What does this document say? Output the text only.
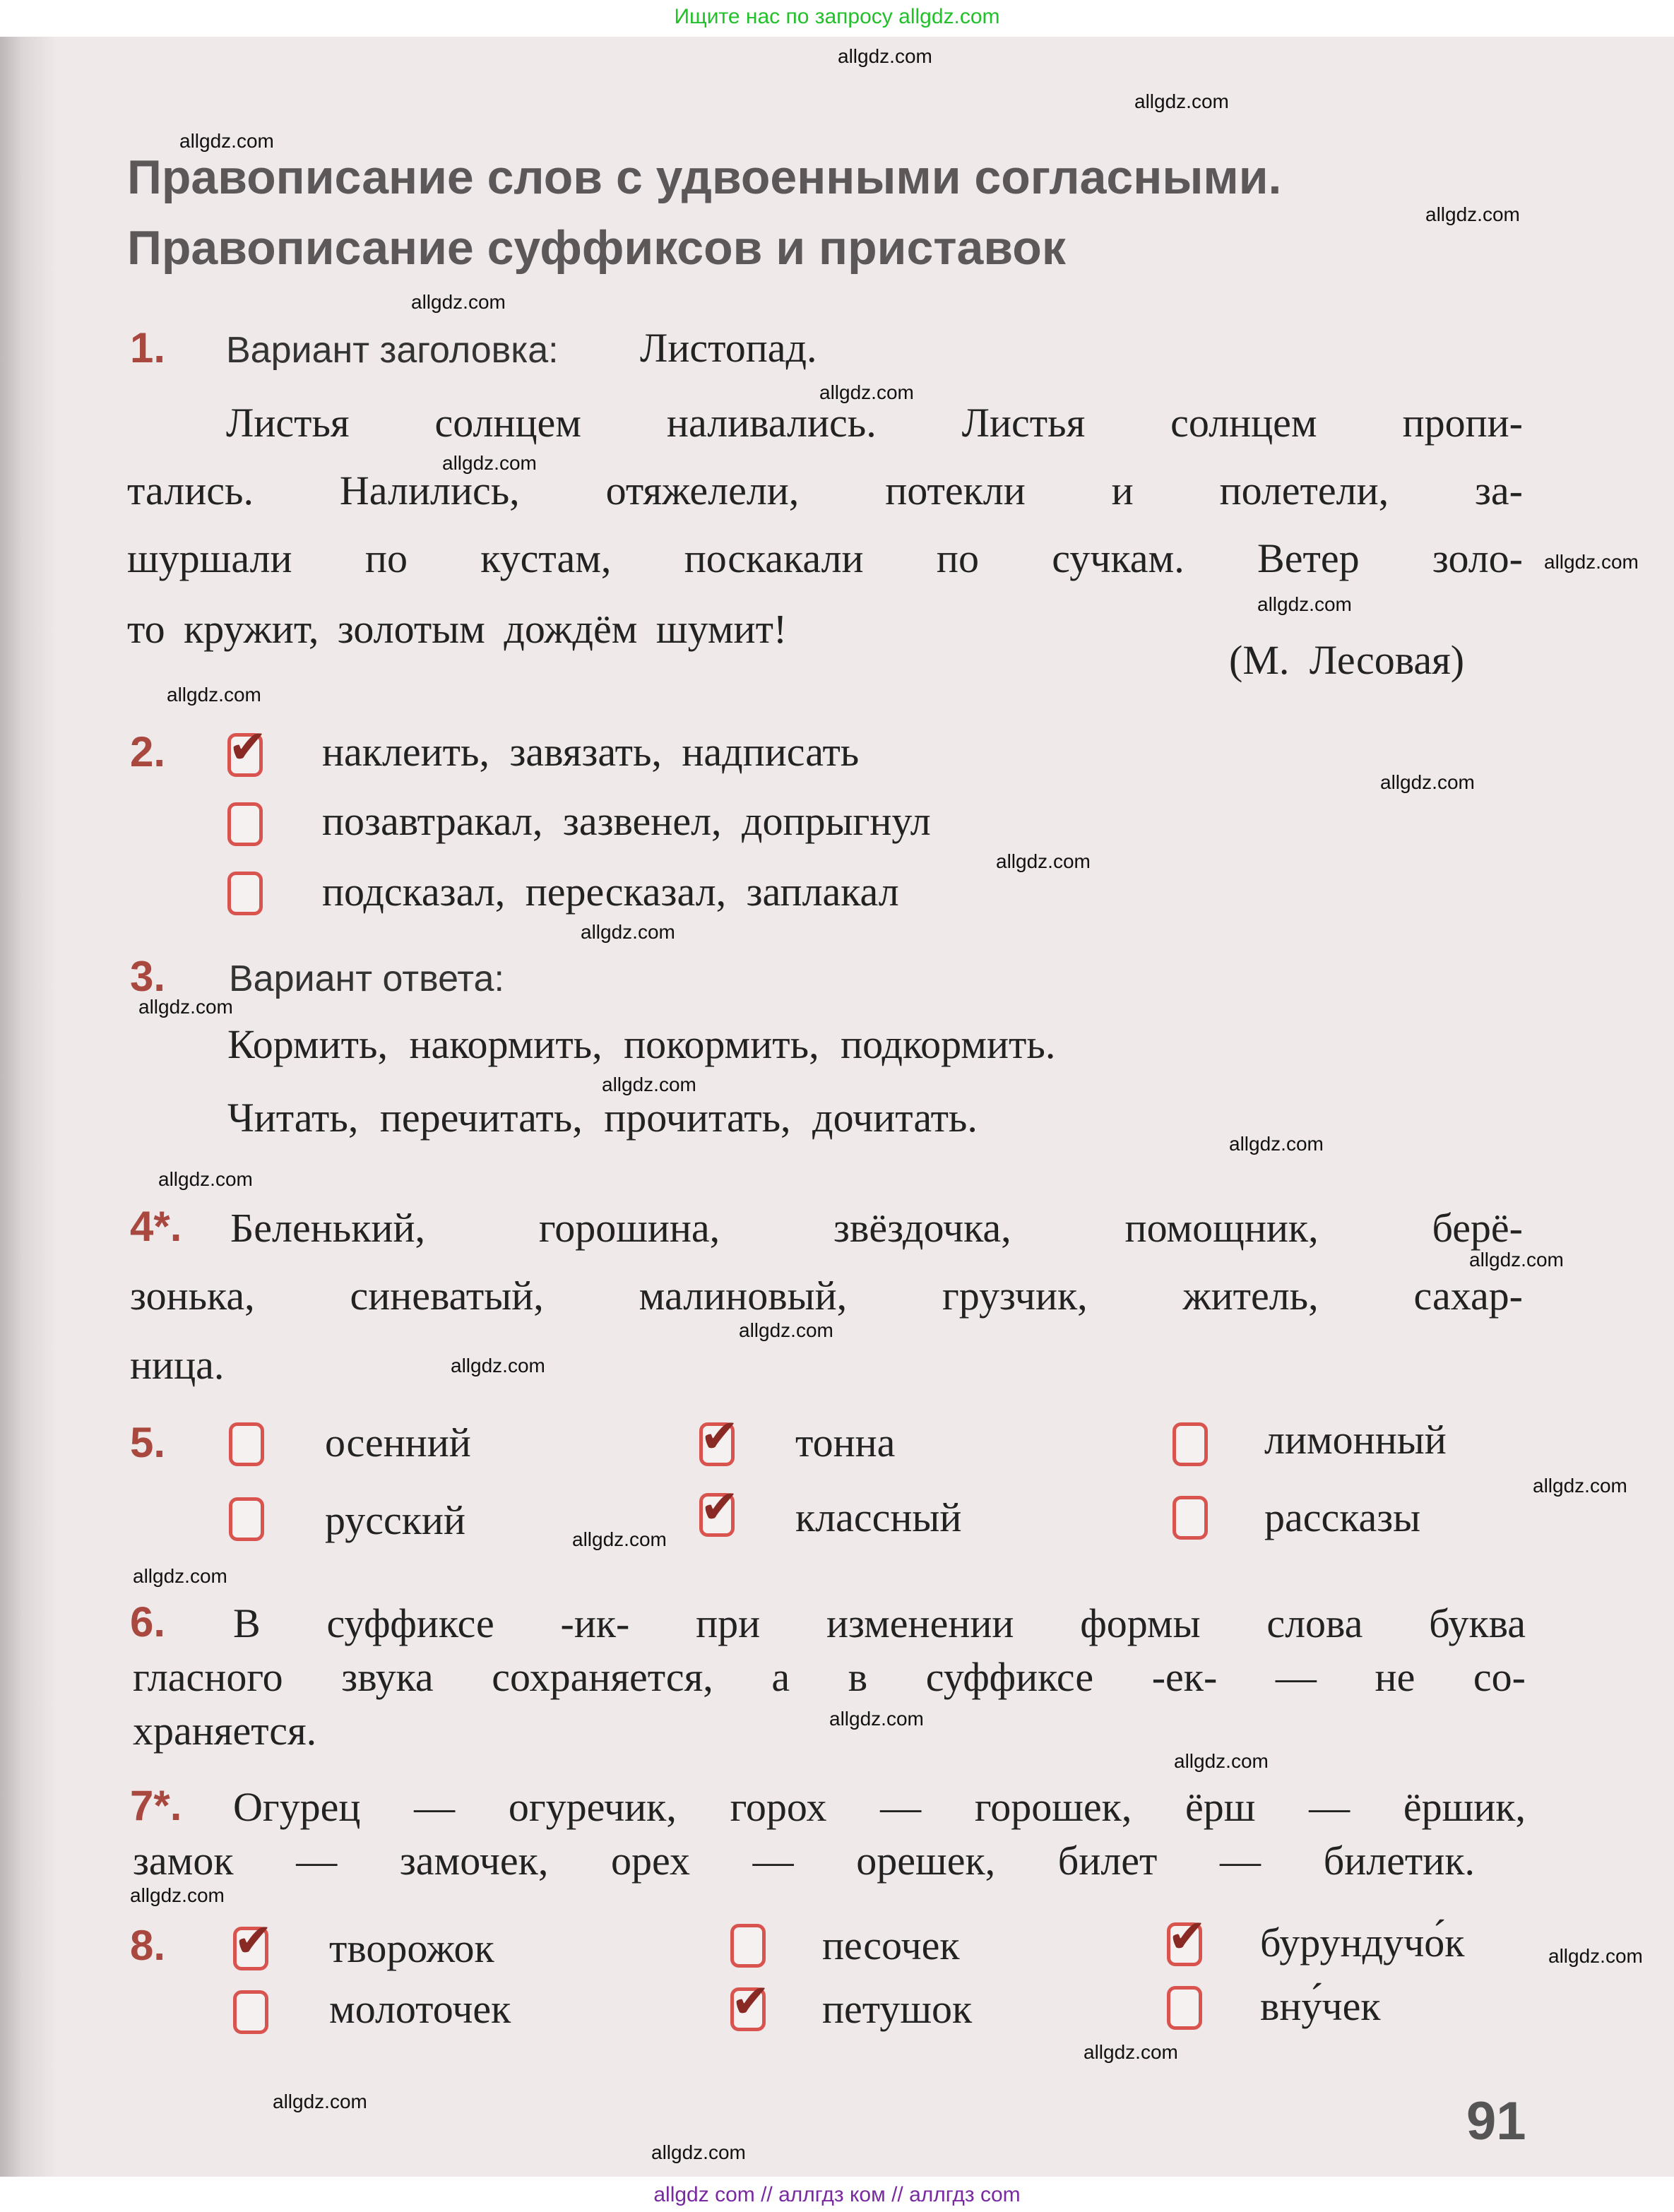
Ищите нас по запросу allgdz.com
Правописание слов с удвоенными согласными.
Правописание суффиксов и приставок
1. Вариант заголовка: Листопад.
Листья солнцем наливались. Листья солнцем пропи-
тались. Налились, отяжелели, потекли и полетели, за-
шуршали по кустам, поскакали по сучкам. Ветер золо-
то кружит, золотым дождём шумит!
(М. Лесовая)
2. ✔ наклеить, завязать, надписать
позавтракал, зазвенел, допрыгнул
подсказал, пересказал, заплакал
3. Вариант ответа:
Кормить, накормить, покормить, подкормить.
Читать, перечитать, прочитать, дочитать.
4*. Беленький, горошина, звёздочка, помощник, берё-
зонька, синеватый, малиновый, грузчик, житель, сахар-
ница.
5.	осенний	✔ тонна	лимонный
русский	✔ классный	рассказы
6. В суффиксе -ик- при изменении формы слова буква
гласного звука сохраняется, а в суффиксе -ек- — не со-
храняется.
7*. Огурец — огуречик, горох — горошек, ёрш — ёршик,
замок — замочек, орех — орешек, билет — билетик.
8. ✔ творожок	песочек	✔ бурундучо́к
молоточек	✔ петушок	вну́чек
91
allgdz.com
allgdz.com
allgdz.com
allgdz.com
allgdz.com
allgdz.com
allgdz.com
allgdz.com
allgdz.com
allgdz.com
allgdz.com
allgdz.com
allgdz.com
allgdz.com
allgdz.com
allgdz.com
allgdz.com
allgdz.com
allgdz.com
allgdz.com
allgdz.com
allgdz.com
allgdz.com
allgdz.com
allgdz.com
allgdz.com
allgdz.com
allgdz.com
allgdz.com
allgdz.com
allgdz com // аллгдз ком // аллгдз com
